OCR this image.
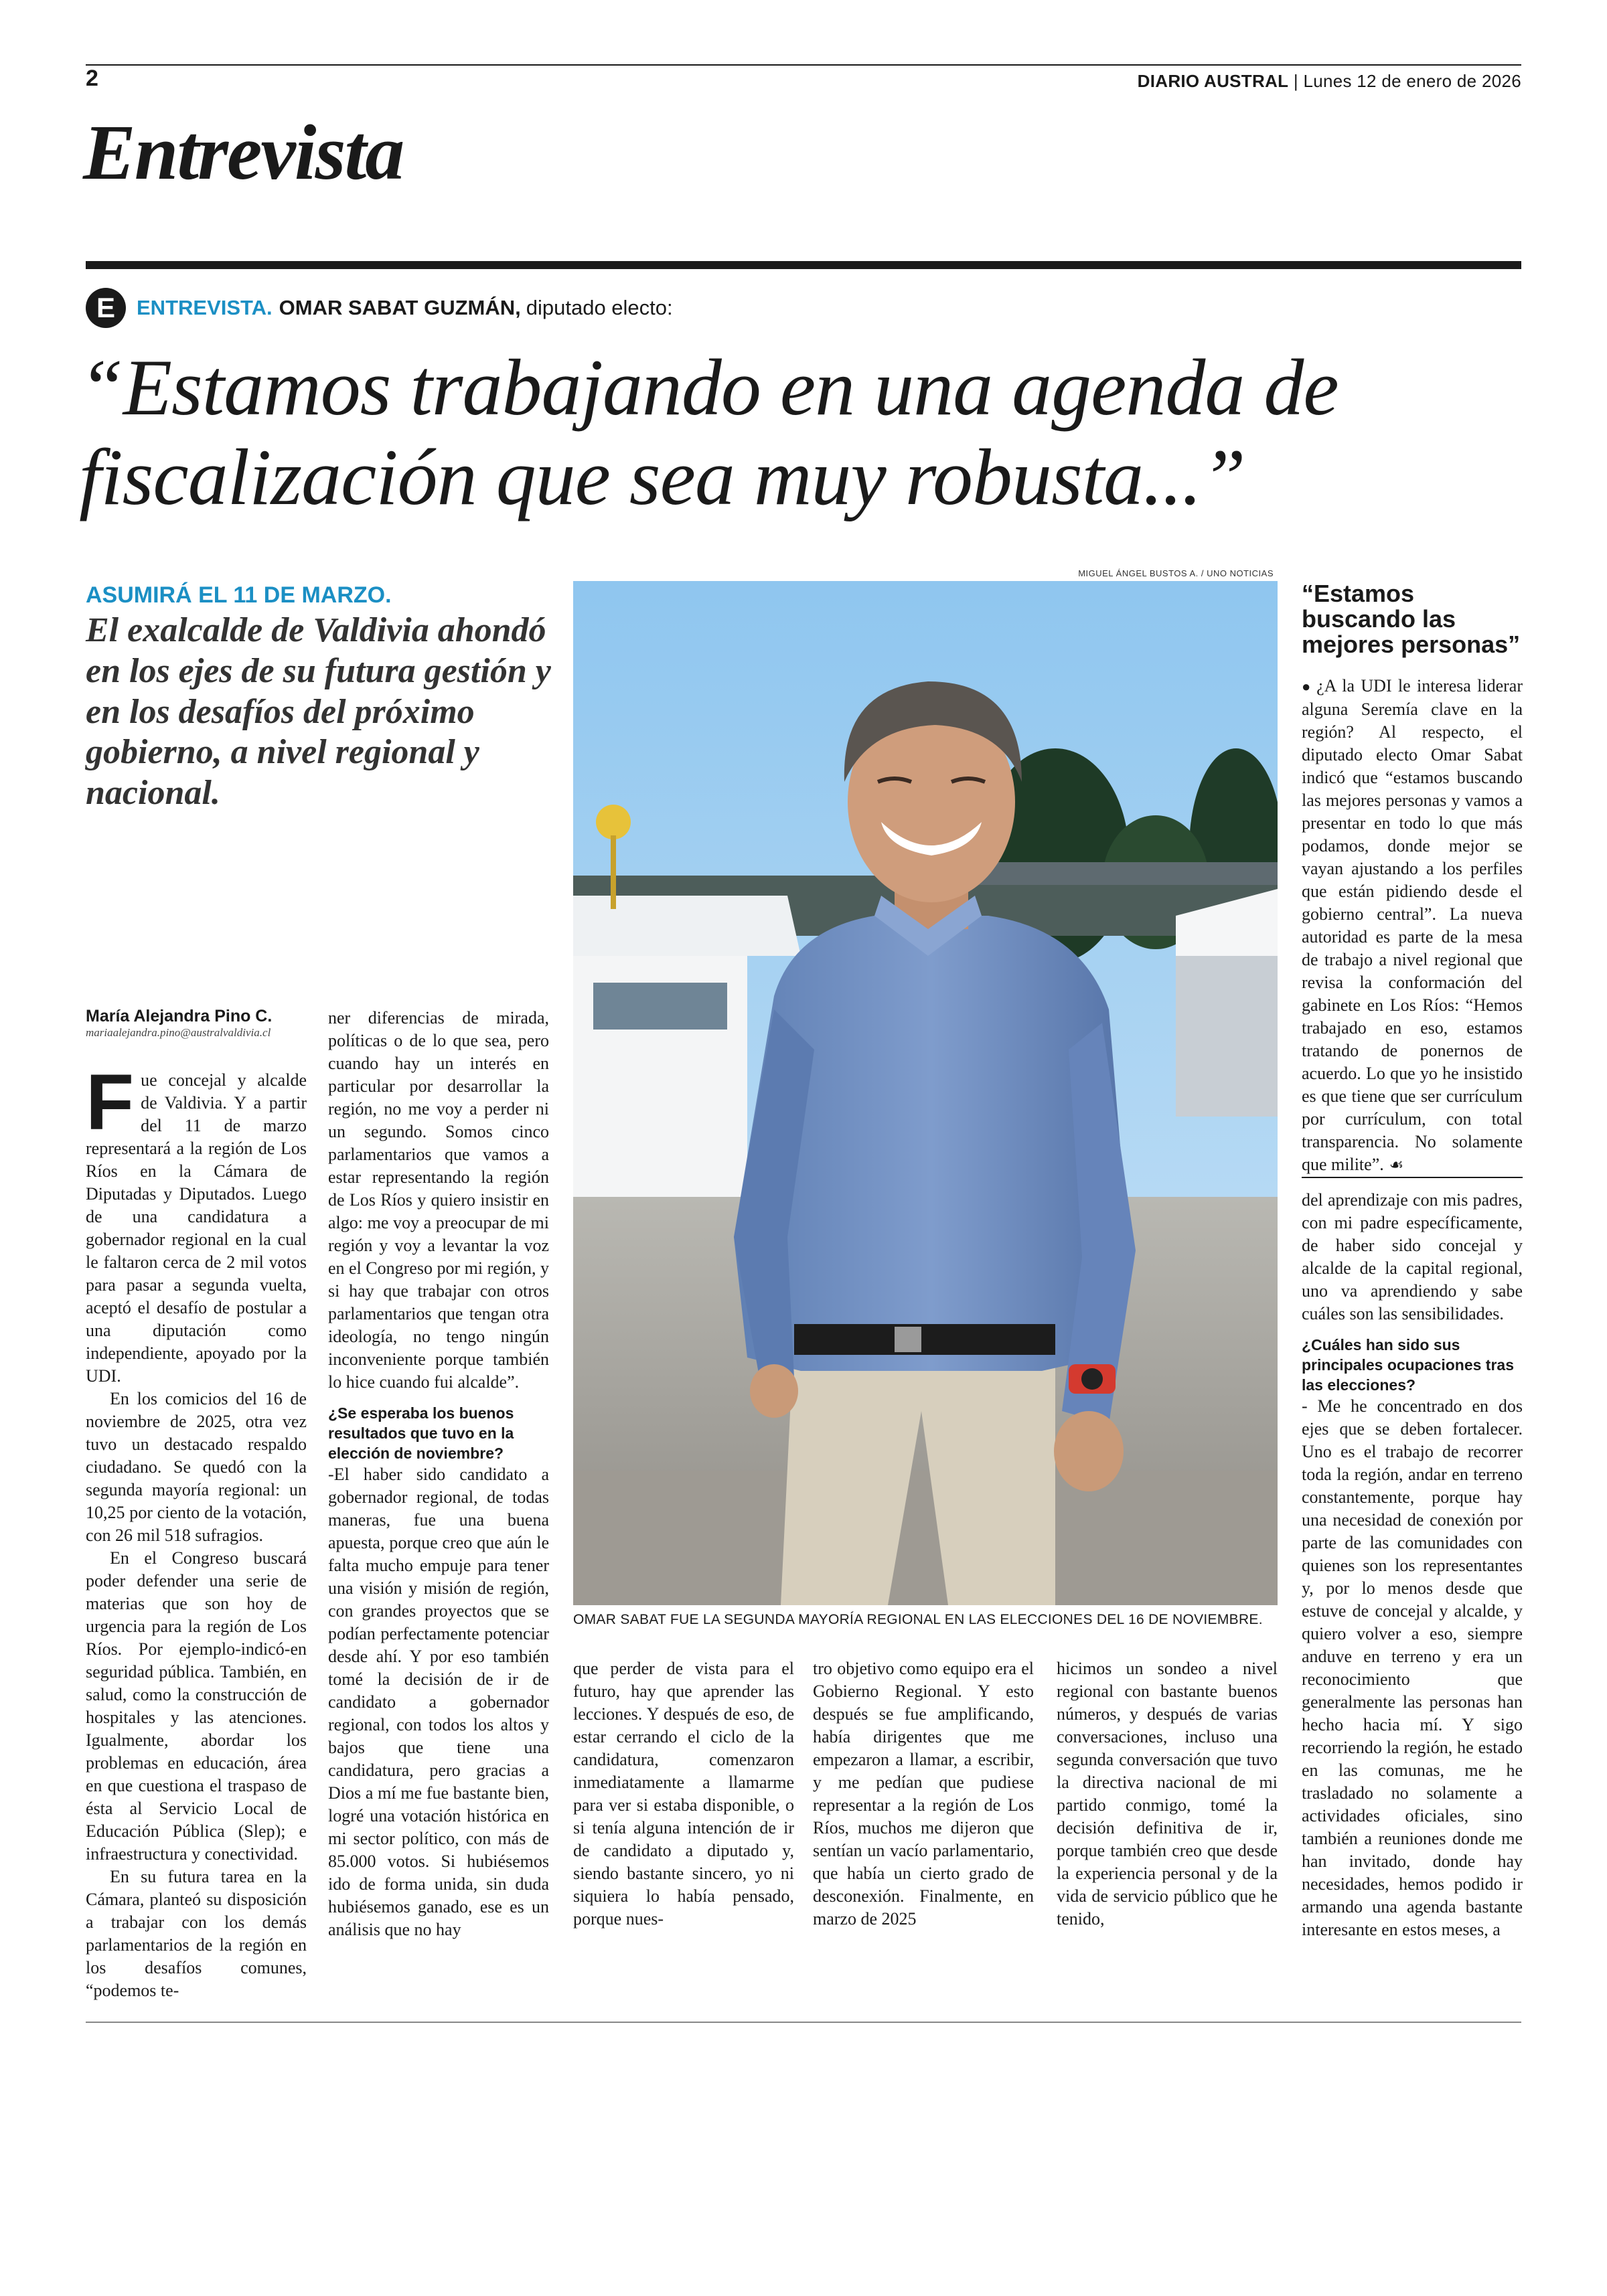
2	DIARIO AUSTRAL | Lunes 12 de enero de 2026
Entrevista
E	ENTREVISTA. OMAR SABAT GUZMÁN, diputado electo:
“Estamos trabajando en una agenda de fiscalización que sea muy robusta...”
ASUMIRÁ EL 11 DE MARZO.
El exalcalde de Valdivia ahondó en los ejes de su futura gestión y en los desafíos del próximo gobierno, a nivel regional y nacional.
MIGUEL ÁNGEL BUSTOS A. / UNO NOTICIAS
OMAR SABAT FUE LA SEGUNDA MAYORÍA REGIONAL EN LAS ELECCIONES DEL 16 DE NOVIEMBRE.
María Alejandra Pino C.
mariaalejandra.pino@australvaldivia.cl

Fue concejal y alcalde de Valdivia. Y a partir del 11 de marzo representará a la región de Los Ríos en la Cámara de Diputadas y Diputados. Luego de una candidatura a gobernador regional en la cual le faltaron cerca de 2 mil votos para pasar a segunda vuelta, aceptó el desafío de postular a una diputación como independiente, apoyado por la UDI.

En los comicios del 16 de noviembre de 2025, otra vez tuvo un destacado respaldo ciudadano. Se quedó con la segunda mayoría regional: un 10,25 por ciento de la votación, con 26 mil 518 sufragios.

En el Congreso buscará poder defender una serie de materias que son hoy de urgencia para la región de Los Ríos. Por ejemplo-indicó-en seguridad pública. También, en salud, como la construcción de hospitales y las atenciones. Igualmente, abordar los problemas en educación, área en que cuestiona el traspaso de ésta al Servicio Local de Educación Pública (Slep); e infraestructura y conectividad.

En su futura tarea en la Cámara, planteó su disposición a trabajar con los demás parlamentarios de la región en los desafíos comunes, “podemos te-

ner diferencias de mirada, políticas o de lo que sea, pero cuando hay un interés en particular por desarrollar la región, no me voy a perder ni un segundo. Somos cinco parlamentarios que vamos a estar representando la región de Los Ríos y quiero insistir en algo: me voy a preocupar de mi región y voy a levantar la voz en el Congreso por mi región, y si hay que trabajar con otros parlamentarios que tengan otra ideología, no tengo ningún inconveniente porque también lo hice cuando fui alcalde”.

¿Se esperaba los buenos resultados que tuvo en la elección de noviembre?

-El haber sido candidato a gobernador regional, de todas maneras, fue una buena apuesta, porque creo que aún le falta mucho empuje para tener una visión y misión de región, con grandes proyectos que se podían perfectamente potenciar desde ahí. Y por eso también tomé la decisión de ir de candidato a gobernador regional, con todos los altos y bajos que tiene una candidatura, pero gracias a Dios a mí me fue bastante bien, logré una votación histórica en mi sector político, con más de 85.000 votos. Si hubiésemos ido de forma unida, sin duda hubiésemos ganado, ese es un análisis que no hay

que perder de vista para el futuro, hay que aprender las lecciones. Y después de eso, de estar cerrando el ciclo de la candidatura, comenzaron inmediatamente a llamarme para ver si estaba disponible, o si tenía alguna intención de ir de candidato a diputado y, siendo bastante sincero, yo ni siquiera lo había pensado, porque nues-

tro objetivo como equipo era el Gobierno Regional. Y esto después se fue amplificando, había dirigentes que me empezaron a llamar, a escribir, y me pedían que pudiese representar a la región de Los Ríos, muchos me dijeron que sentían un vacío parlamentario, que había un cierto grado de desconexión. Finalmente, en marzo de 2025

hicimos un sondeo a nivel regional con bastante buenos números, y después de varias conversaciones, incluso una segunda conversación que tuvo la directiva nacional de mi partido conmigo, tomé la decisión definitiva de ir, porque también creo que desde la experiencia personal y de la vida de servicio público que he tenido,

“Estamos buscando las mejores personas”

● ¿A la UDI le interesa liderar alguna Seremía clave en la región? Al respecto, el diputado electo Omar Sabat indicó que “estamos buscando las mejores personas y vamos a presentar en todo lo que más podamos, donde mejor se vayan ajustando a los perfiles que están pidiendo desde el gobierno central”. La nueva autoridad es parte de la mesa de trabajo a nivel regional que revisa la conformación del gabinete en Los Ríos: “Hemos trabajado en eso, estamos tratando de ponernos de acuerdo. Lo que yo he insistido es que tiene que ser currículum por currículum, con total transparencia. No solamente que milite”. ☙

del aprendizaje con mis padres, con mi padre específicamente, de haber sido concejal y alcalde de la capital regional, uno va aprendiendo y sabe cuáles son las sensibilidades.

¿Cuáles han sido sus principales ocupaciones tras las elecciones?

- Me he concentrado en dos ejes que se deben fortalecer. Uno es el trabajo de recorrer toda la región, andar en terreno constantemente, porque hay una necesidad de conexión por parte de las comunidades con quienes son los representantes y, por lo menos desde que estuve de concejal y alcalde, y quiero volver a eso, siempre anduve en terreno y era un reconocimiento que generalmente las personas han hecho hacia mí. Y sigo recorriendo la región, he estado en las comunas, me he trasladado no solamente a actividades oficiales, sino también a reuniones donde me han invitado, donde hay necesidades, hemos podido ir armando una agenda bastante interesante en estos meses, a
